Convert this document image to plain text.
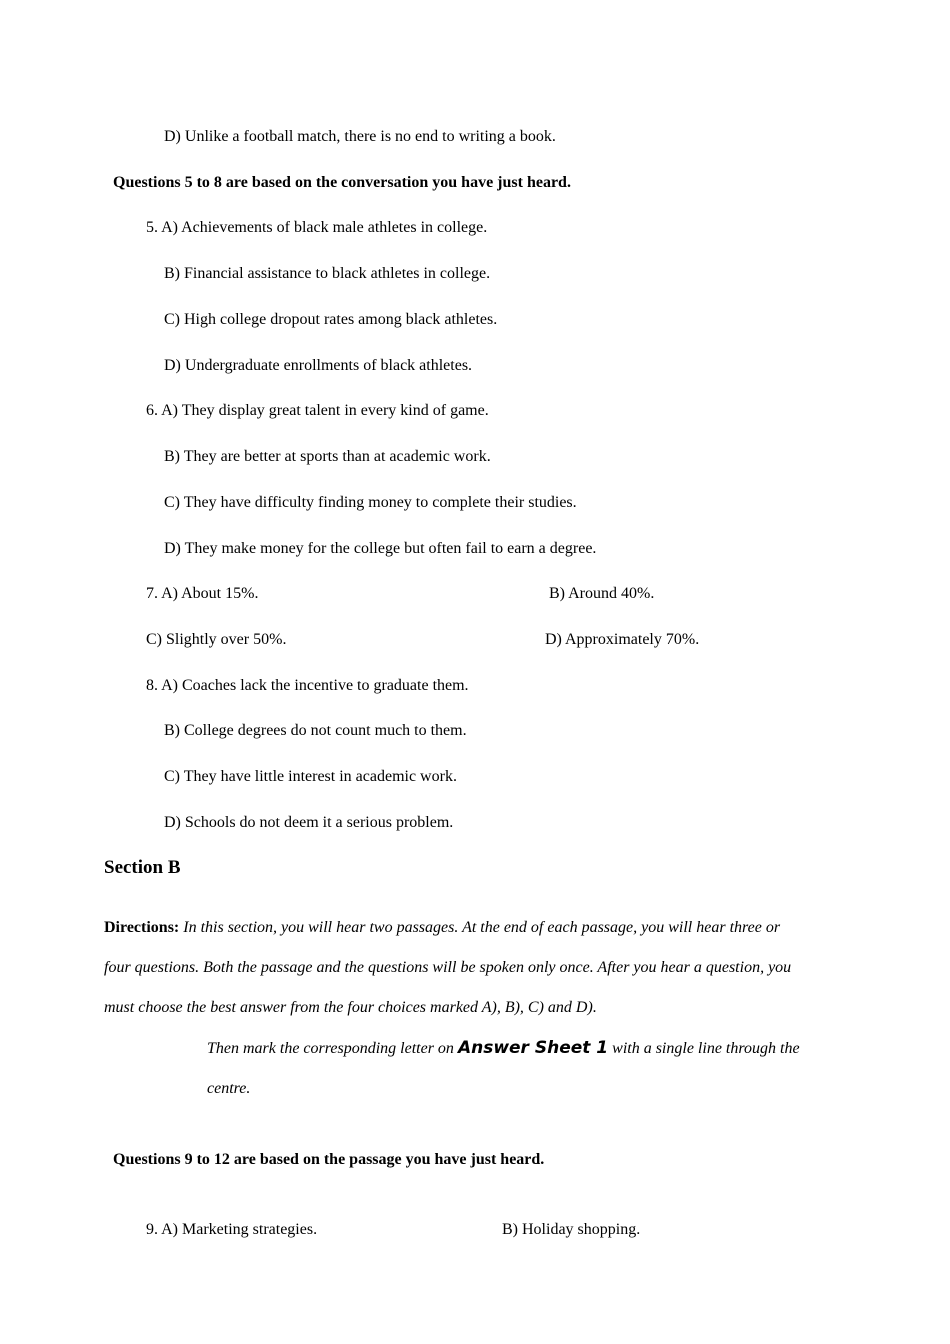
D) Unlike a football match, there is no end to writing a book.
Questions 5 to 8 are based on the conversation you have just heard.
5. A) Achievements of black male athletes in college.
B) Financial assistance to black athletes in college.
C) High college dropout rates among black athletes.
D) Undergraduate enrollments of black athletes.
6. A) They display great talent in every kind of game.
B) They are better at sports than at academic work.
C) They have difficulty finding money to complete their studies.
D) They make money for the college but often fail to earn a degree.
7. A) About 15%.	B) Around 40%.
C) Slightly over 50%.	D) Approximately 70%.
8. A) Coaches lack the incentive to graduate them.
B) College degrees do not count much to them.
C) They have little interest in academic work.
D) Schools do not deem it a serious problem.
Section B
Directions: In this section, you will hear two passages. At the end of each passage, you will hear three or
four questions. Both the passage and the questions will be spoken only once. After you hear a question, you
must choose the best answer from the four choices marked A), B), C) and D).
Then mark the corresponding letter on Answer Sheet 1 with a single line through the
centre.
Questions 9 to 12 are based on the passage you have just heard.
9. A) Marketing strategies.	B) Holiday shopping.
